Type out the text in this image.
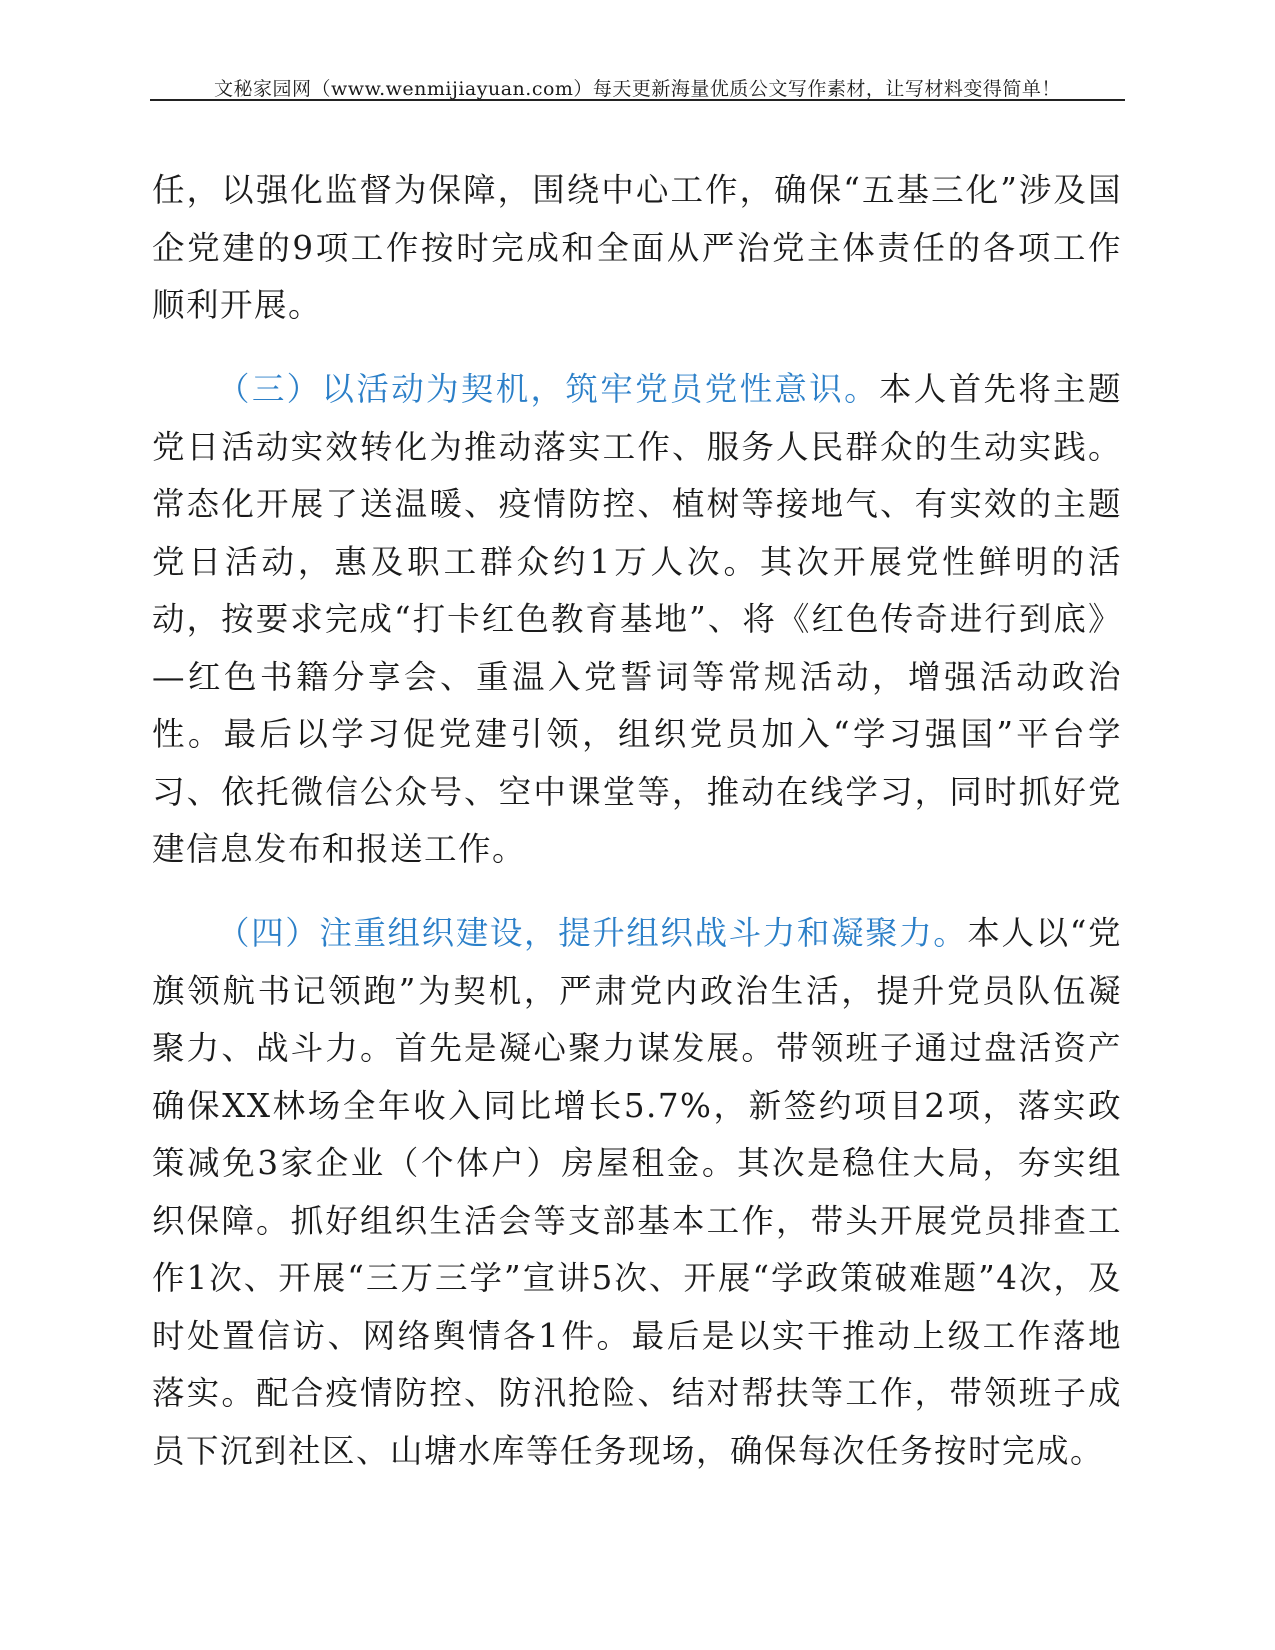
文秘家园网（www.wenmijiayuan.com）每天更新海量优质公文写作素材，让写材料变得简单！

任，以强化监督为保障，围绕中心工作，确保“五基三化”涉及国企党建的9项工作按时完成和全面从严治党主体责任的各项工作顺利开展。

（三）以活动为契机，筑牢党员党性意识。本人首先将主题党日活动实效转化为推动落实工作、服务人民群众的生动实践。常态化开展了送温暖、疫情防控、植树等接地气、有实效的主题党日活动，惠及职工群众约1万人次。其次开展党性鲜明的活动，按要求完成“打卡红色教育基地”、将《红色传奇进行到底》—红色书籍分享会、重温入党誓词等常规活动，增强活动政治性。最后以学习促党建引领，组织党员加入“学习强国”平台学习、依托微信公众号、空中课堂等，推动在线学习，同时抓好党建信息发布和报送工作。

（四）注重组织建设，提升组织战斗力和凝聚力。本人以“党旗领航书记领跑”为契机，严肃党内政治生活，提升党员队伍凝聚力、战斗力。首先是凝心聚力谋发展。带领班子通过盘活资产确保XX林场全年收入同比增长5.7%，新签约项目2项，落实政策减免3家企业（个体户）房屋租金。其次是稳住大局，夯实组织保障。抓好组织生活会等支部基本工作，带头开展党员排查工作1次、开展“三万三学”宣讲5次、开展“学政策破难题”4次，及时处置信访、网络舆情各1件。最后是以实干推动上级工作落地落实。配合疫情防控、防汛抢险、结对帮扶等工作，带领班子成员下沉到社区、山塘水库等任务现场，确保每次任务按时完成。
